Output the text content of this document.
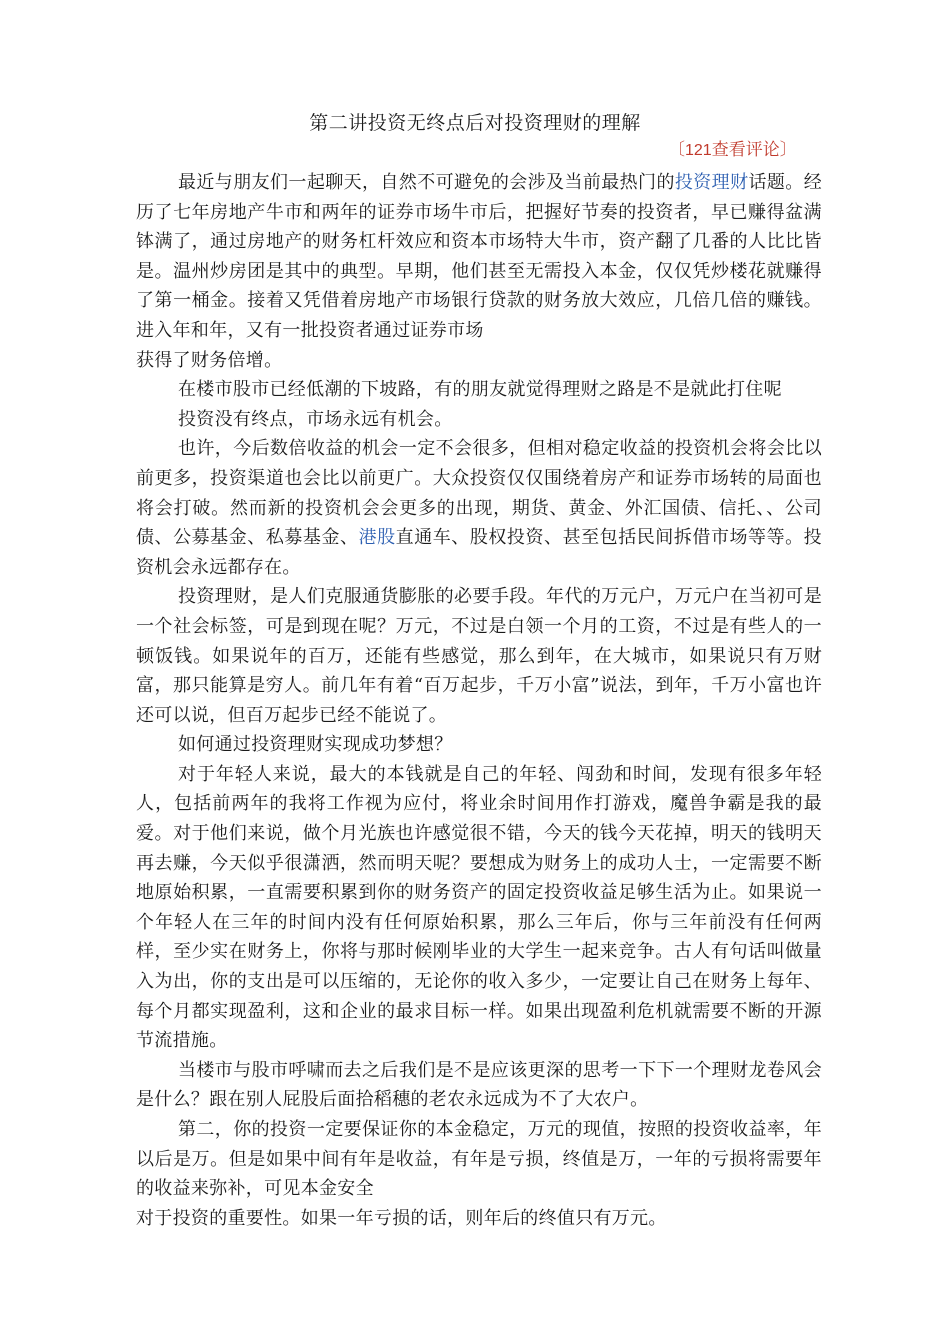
第二讲投资无终点后对投资理财的理解
〔121查看评论〕

最近与朋友们一起聊天，自然不可避免的会涉及当前最热门的投资理财话题。经历了七年房地产牛市和两年的证券市场牛市后，把握好节奏的投资者，早已赚得盆满钵满了，通过房地产的财务杠杆效应和资本市场特大牛市，资产翻了几番的人比比皆是。温州炒房团是其中的典型。早期，他们甚至无需投入本金，仅仅凭炒楼花就赚得了第一桶金。接着又凭借着房地产市场银行贷款的财务放大效应，几倍几倍的赚钱。进入年和年，又有一批投资者通过证券市场

获得了财务倍增。

在楼市股市已经低潮的下坡路，有的朋友就觉得理财之路是不是就此打住呢

投资没有终点，市场永远有机会。

也许，今后数倍收益的机会一定不会很多，但相对稳定收益的投资机会将会比以前更多，投资渠道也会比以前更广。大众投资仅仅围绕着房产和证券市场转的局面也将会打破。然而新的投资机会会更多的出现，期货、黄金、外汇国债、信托、、公司债、公募基金、私募基金、港股直通车、股权投资、甚至包括民间拆借市场等等。投资机会永远都存在。

投资理财，是人们克服通货膨胀的必要手段。年代的万元户，万元户在当初可是一个社会标签，可是到现在呢？万元，不过是白领一个月的工资，不过是有些人的一顿饭钱。如果说年的百万，还能有些感觉，那么到年，在大城市，如果说只有万财富，那只能算是穷人。前几年有着“百万起步，千万小富”说法，到年，千万小富也许还可以说，但百万起步已经不能说了。

如何通过投资理财实现成功梦想？

对于年轻人来说，最大的本钱就是自己的年轻、闯劲和时间，发现有很多年轻人，包括前两年的我将工作视为应付，将业余时间用作打游戏，魔兽争霸是我的最爱。对于他们来说，做个月光族也许感觉很不错，今天的钱今天花掉，明天的钱明天再去赚，今天似乎很潇洒，然而明天呢？要想成为财务上的成功人士，一定需要不断地原始积累，一直需要积累到你的财务资产的固定投资收益足够生活为止。如果说一个年轻人在三年的时间内没有任何原始积累，那么三年后，你与三年前没有任何两样，至少实在财务上，你将与那时候刚毕业的大学生一起来竞争。古人有句话叫做量入为出，你的支出是可以压缩的，无论你的收入多少，一定要让自己在财务上每年、每个月都实现盈利，这和企业的最求目标一样。如果出现盈利危机就需要不断的开源节流措施。

当楼市与股市呼啸而去之后我们是不是应该更深的思考一下下一个理财龙卷风会是什么？跟在别人屁股后面拾稻穗的老农永远成为不了大农户。

第二，你的投资一定要保证你的本金稳定，万元的现值，按照的投资收益率，年以后是万。但是如果中间有年是收益，有年是亏损，终值是万，一年的亏损将需要年的收益来弥补，可见本金安全

对于投资的重要性。如果一年亏损的话，则年后的终值只有万元。
